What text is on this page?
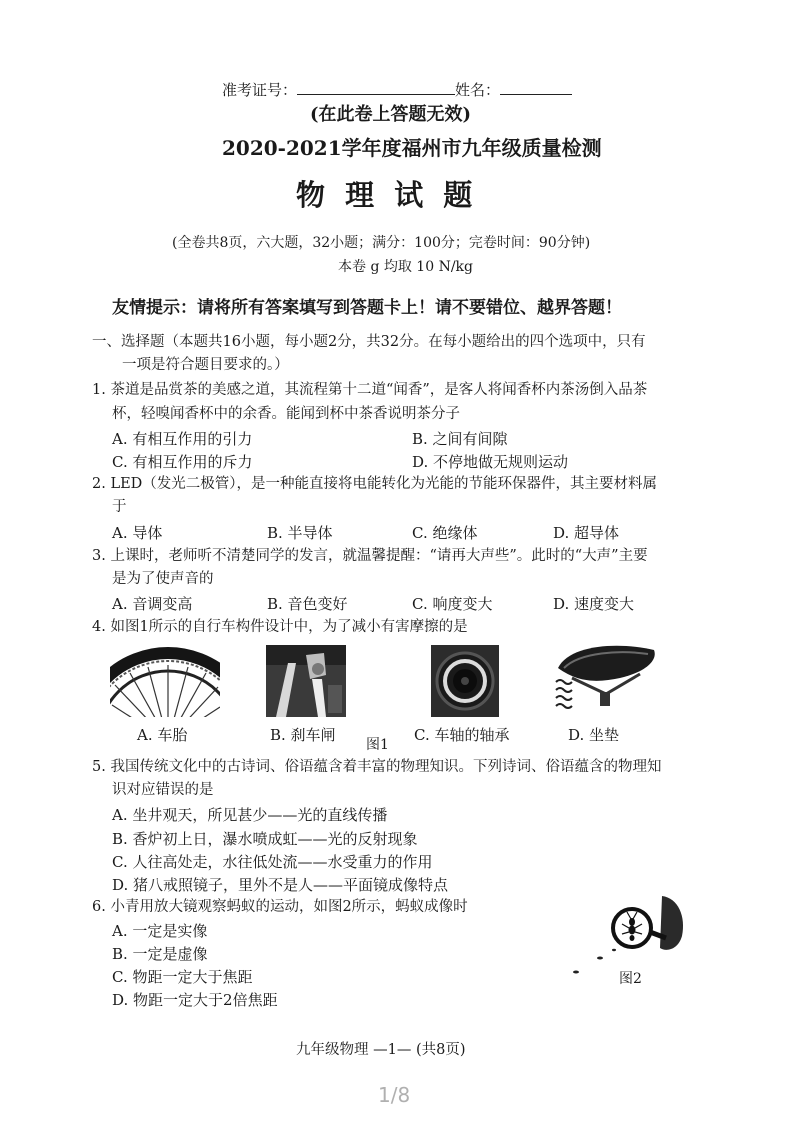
准考证号：	姓名：
(在此卷上答题无效)
2020-2021学年度福州市九年级质量检测
物 理 试 题
(全卷共8页，六大题，32小题；满分：100分；完卷时间：90分钟)
本卷 g 均取 10 N/kg
友情提示：请将所有答案填写到答题卡上！请不要错位、越界答题！
一、选择题（本题共16小题，每小题2分，共32分。在每小题给出的四个选项中，只有
一项是符合题目要求的。）
1. 茶道是品赏茶的美感之道，其流程第十二道“闻香”，是客人将闻香杯内茶汤倒入品茶
杯，轻嗅闻香杯中的余香。能闻到杯中茶香说明茶分子
A. 有相互作用的引力	B. 之间有间隙
C. 有相互作用的斥力	D. 不停地做无规则运动
2. LED（发光二极管），是一种能直接将电能转化为光能的节能环保器件，其主要材料属
于
A. 导体	B. 半导体	C. 绝缘体	D. 超导体
3. 上课时，老师听不清楚同学的发言，就温馨提醒：“请再大声些”。此时的“大声”主要
是为了使声音的
A. 音调变高	B. 音色变好	C. 响度变大	D. 速度变大
4. 如图1所示的自行车构件设计中，为了减小有害摩擦的是
A. 车胎	B. 刹车闸
图1
C. 车轴的轴承	D. 坐垫
5. 我国传统文化中的古诗词、俗语蕴含着丰富的物理知识。下列诗词、俗语蕴含的物理知
识对应错误的是
A. 坐井观天，所见甚少——光的直线传播
B. 香炉初上日，瀑水喷成虹——光的反射现象
C. 人往高处走，水往低处流——水受重力的作用
D. 猪八戒照镜子，里外不是人——平面镜成像特点
6. 小青用放大镜观察蚂蚁的运动，如图2所示，蚂蚁成像时
A. 一定是实像
B. 一定是虚像
C. 物距一定大于焦距
D. 物距一定大于2倍焦距
图2
九年级物理 —1— (共8页)
1/8
